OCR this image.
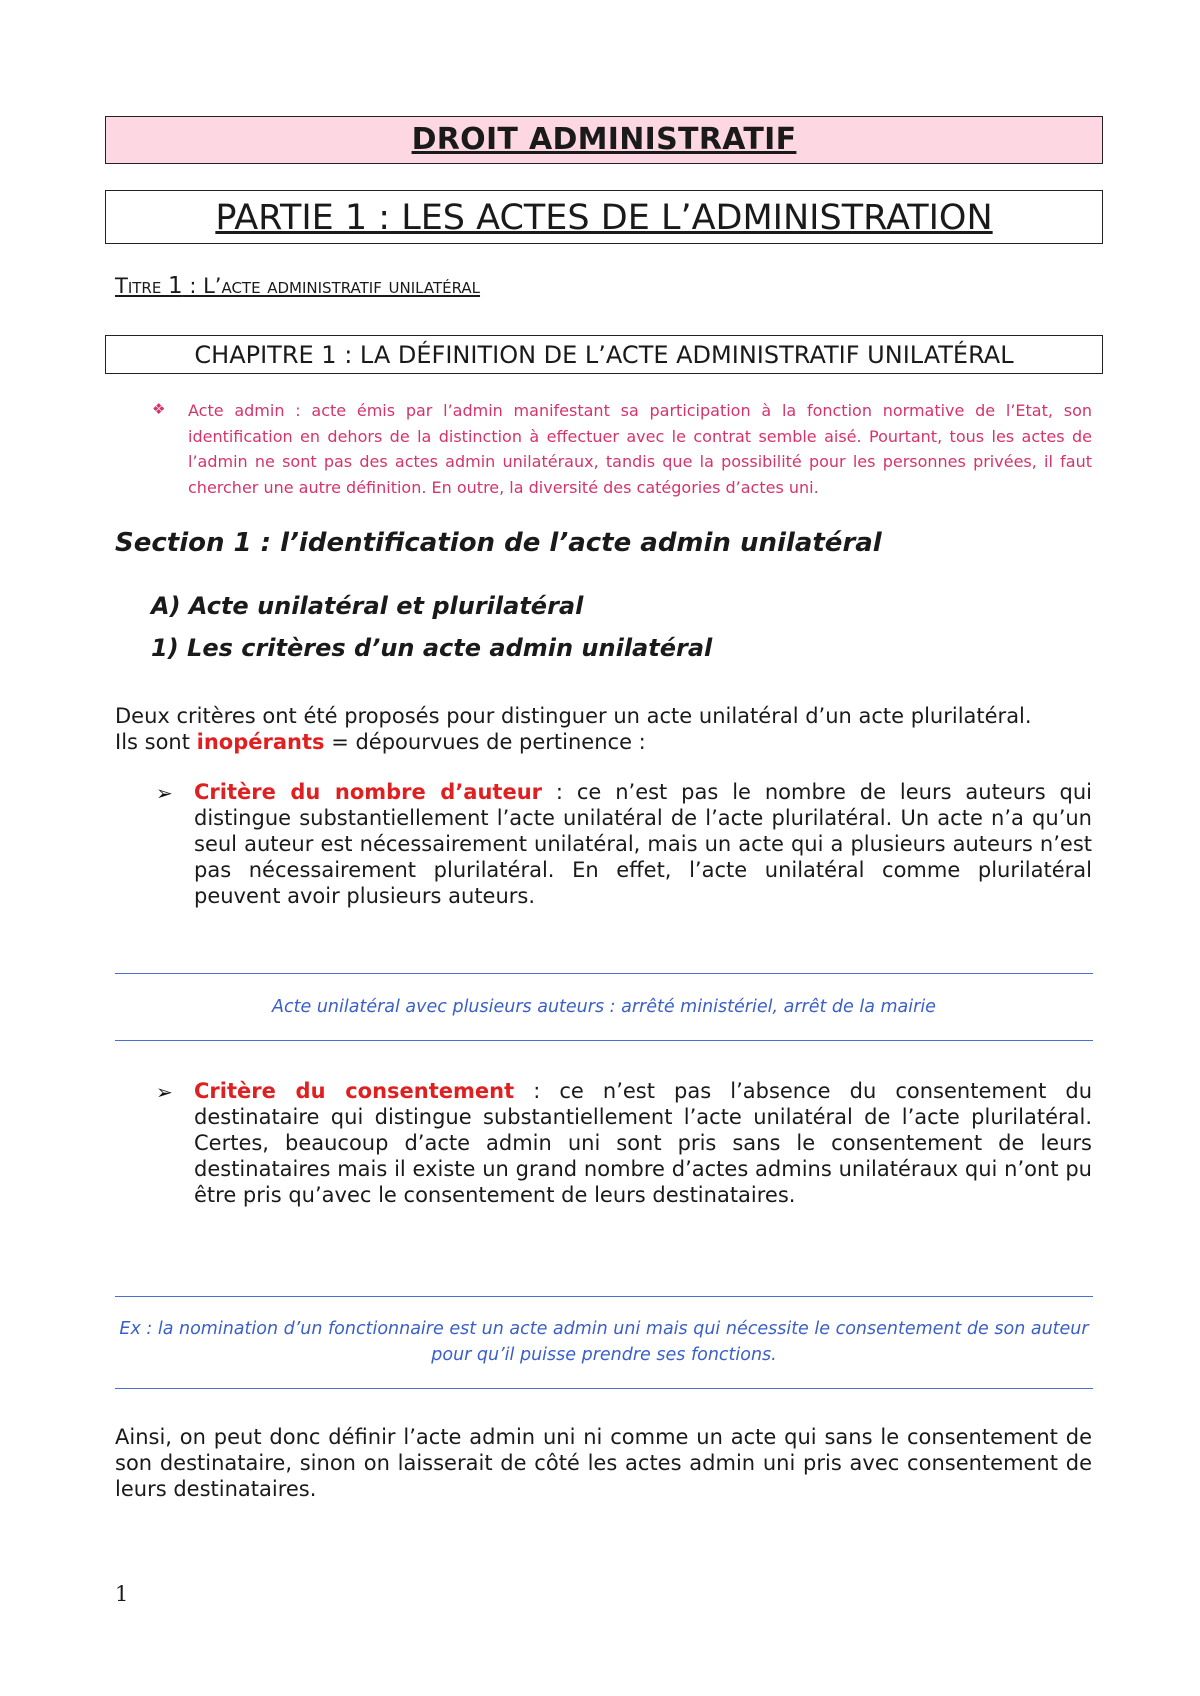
DROIT ADMINISTRATIF
PARTIE 1 : LES ACTES DE L’ADMINISTRATION
Titre 1 : L’acte administratif unilatéral
CHAPITRE 1 : LA DÉFINITION DE L’ACTE ADMINISTRATIF UNILATÉRAL
❖ Acte admin : acte émis par l’admin manifestant sa participation à la fonction normative de l’Etat, son identification en dehors de la distinction à effectuer avec le contrat semble aisé. Pourtant, tous les actes de l’admin ne sont pas des actes admin unilatéraux, tandis que la possibilité pour les personnes privées, il faut chercher une autre définition. En outre, la diversité des catégories d’actes uni.
Section 1 : l’identification de l’acte admin unilatéral
A) Acte unilatéral et plurilatéral
1) Les critères d’un acte admin unilatéral

Deux critères ont été proposés pour distinguer un acte unilatéral d’un acte plurilatéral.

Ils sont inopérants = dépourvues de pertinence :

➢ Critère du nombre d’auteur : ce n’est pas le nombre de leurs auteurs qui distingue substantiellement l’acte unilatéral de l’acte plurilatéral. Un acte n’a qu’un seul auteur est nécessairement unilatéral, mais un acte qui a plusieurs auteurs n’est pas nécessairement plurilatéral. En effet, l’acte unilatéral comme plurilatéral peuvent avoir plusieurs auteurs.
Acte unilatéral avec plusieurs auteurs : arrêté ministériel, arrêt de la mairie
➢ Critère du consentement : ce n’est pas l’absence du consentement du destinataire qui distingue substantiellement l’acte unilatéral de l’acte plurilatéral. Certes, beaucoup d’acte admin uni sont pris sans le consentement de leurs destinataires mais il existe un grand nombre d’actes admins unilatéraux qui n’ont pu être pris qu’avec le consentement de leurs destinataires.
Ex : la nomination d’un fonctionnaire est un acte admin uni mais qui nécessite le consentement de son auteur pour qu’il puisse prendre ses fonctions.

Ainsi, on peut donc définir l’acte admin uni ni comme un acte qui sans le consentement de son destinataire, sinon on laisserait de côté les actes admin uni pris avec consentement de leurs destinataires.

1
